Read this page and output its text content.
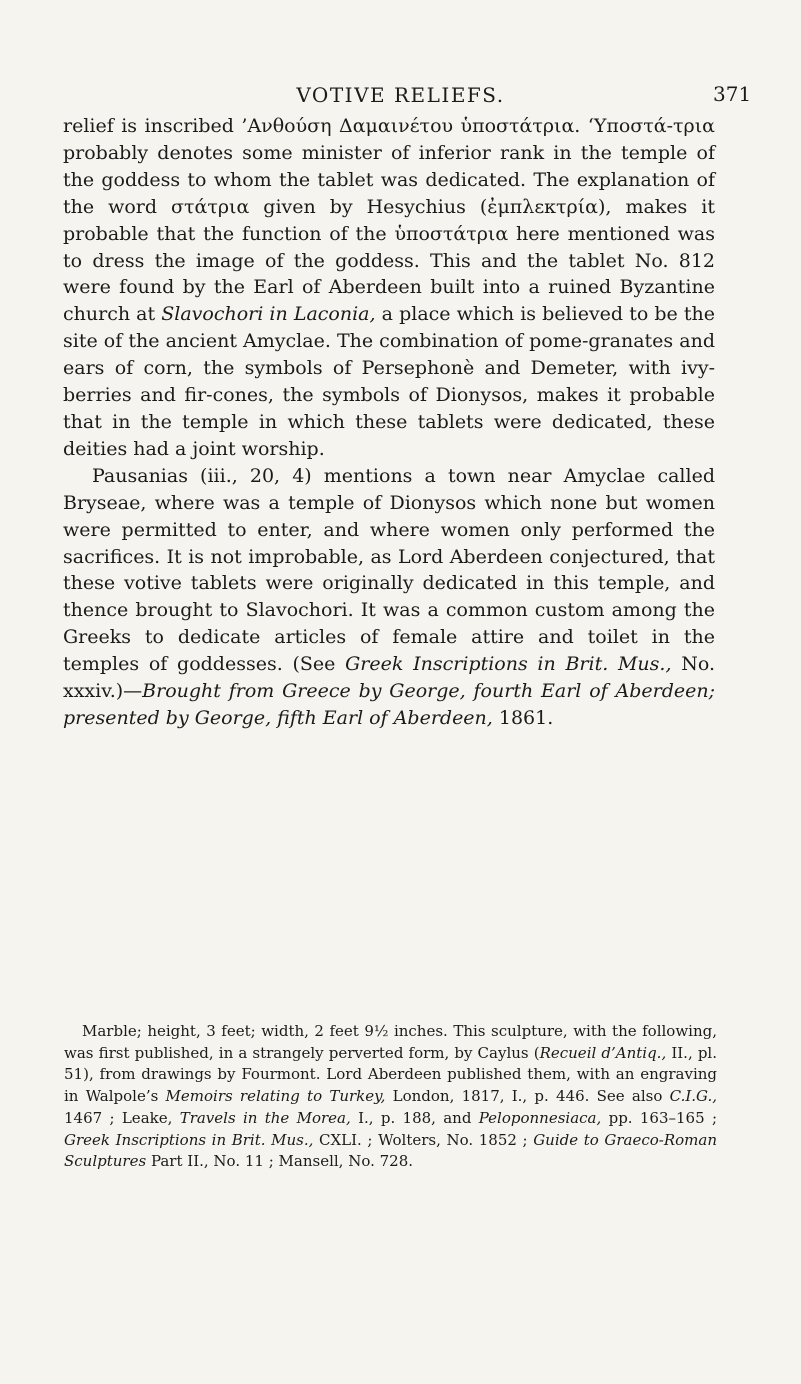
VOTIVE RELIEFS.	371

relief is inscribed ’Ανθούση Δαμαινέτου ὑποστάτρια. ‘Υποστά-τρια probably denotes some minister of inferior rank in the temple of the goddess to whom the tablet was dedicated. The explanation of the word στάτρια given by Hesychius (ἐμπλεκτρία), makes it probable that the function of the ὑποστάτρια here mentioned was to dress the image of the goddess. This and the tablet No. 812 were found by the Earl of Aberdeen built into a ruined Byzantine church at Slavochori in Laconia, a place which is believed to be the site of the ancient Amyclae. The combination of pome-granates and ears of corn, the symbols of Persephonè and Demeter, with ivy-berries and fir-cones, the symbols of Dionysos, makes it probable that in the temple in which these tablets were dedicated, these deities had a joint worship.

Pausanias (iii., 20, 4) mentions a town near Amyclae called Bryseae, where was a temple of Dionysos which none but women were permitted to enter, and where women only performed the sacrifices. It is not improbable, as Lord Aberdeen conjectured, that these votive tablets were originally dedicated in this temple, and thence brought to Slavochori. It was a common custom among the Greeks to dedicate articles of female attire and toilet in the temples of goddesses. (See Greek Inscriptions in Brit. Mus., No. xxxiv.)—Brought from Greece by George, fourth Earl of Aberdeen; presented by George, fifth Earl of Aberdeen, 1861.

Marble; height, 3 feet; width, 2 feet 9½ inches. This sculpture, with the following, was first published, in a strangely perverted form, by Caylus (Recueil d’Antiq., II., pl. 51), from drawings by Fourmont. Lord Aberdeen published them, with an engraving in Walpole’s Memoirs relating to Turkey, London, 1817, I., p. 446. See also C.I.G., 1467 ; Leake, Travels in the Morea, I., p. 188, and Peloponnesiaca, pp. 163–165 ; Greek Inscriptions in Brit. Mus., CXLI. ; Wolters, No. 1852 ; Guide to Graeco-Roman Sculptures Part II., No. 11 ; Mansell, No. 728.
